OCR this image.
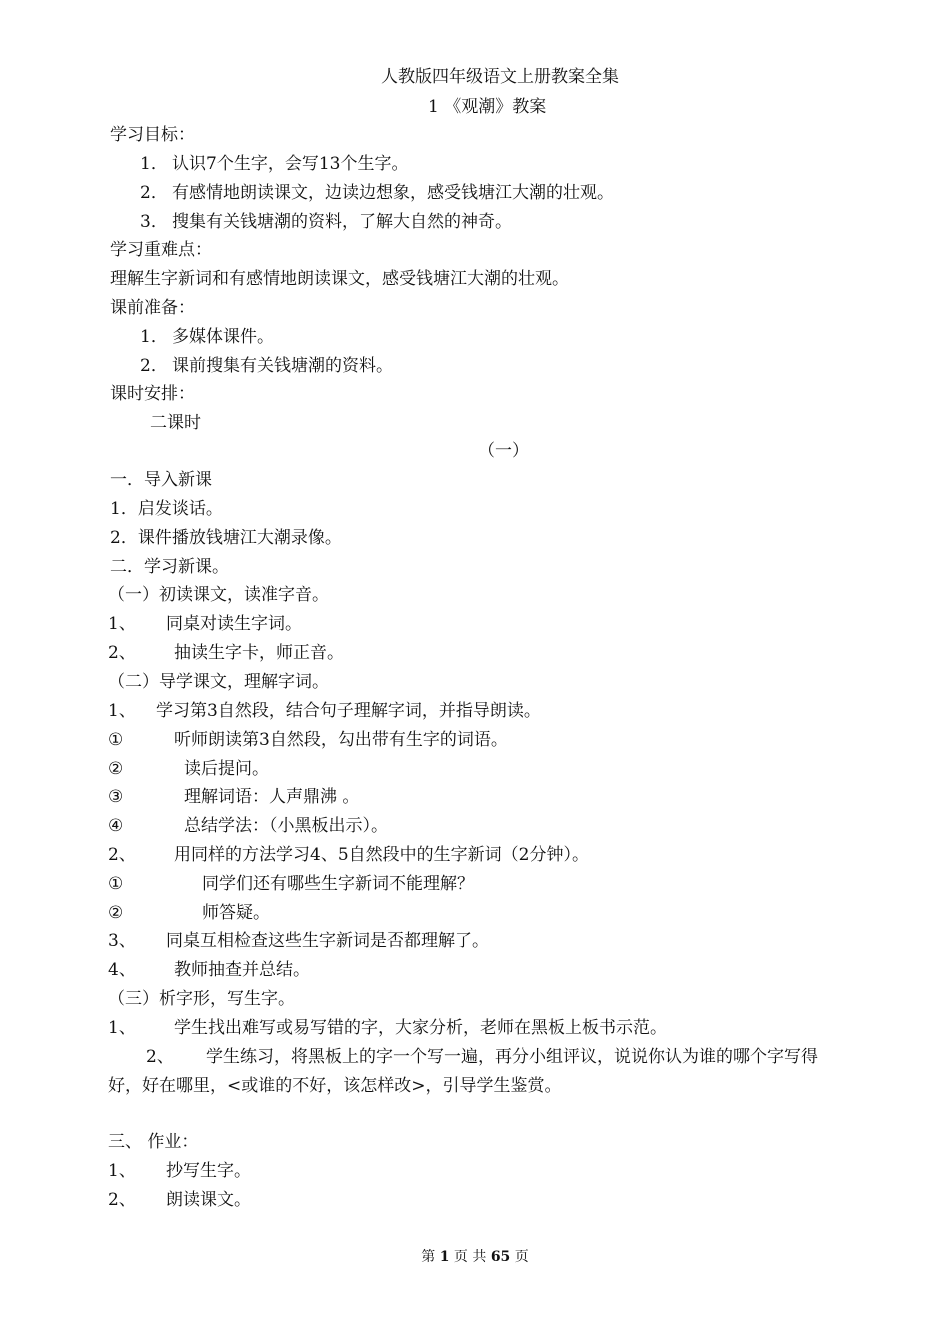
人教版四年级语文上册教案全集
1 《观潮》教案
学习目标：
1． 认识7个生字，会写13个生字。
2． 有感情地朗读课文，边读边想象，感受钱塘江大潮的壮观。
3． 搜集有关钱塘潮的资料，了解大自然的神奇。
学习重难点：
理解生字新词和有感情地朗读课文，感受钱塘江大潮的壮观。
课前准备：
1． 多媒体课件。
2． 课前搜集有关钱塘潮的资料。
课时安排：
二课时
（一）
一．导入新课
1．启发谈话。
2．课件播放钱塘江大潮录像。
二．学习新课。
（一）初读课文，读准字音。
1、 同桌对读生字词。
2、 抽读生字卡，师正音。
（二）导学课文，理解字词。
1、 学习第3自然段，结合句子理解字词，并指导朗读。
①	听师朗读第3自然段，勾出带有生字的词语。
②	读后提问。
③	理解词语：人声鼎沸 。
④	总结学法：（小黑板出示）。
2、 用同样的方法学习4、5自然段中的生字新词（2分钟）。
①	同学们还有哪些生字新词不能理解？
②	师答疑。
3、 同桌互相检查这些生字新词是否都理解了。
4、 教师抽查并总结。
（三）析字形，写生字。
1、 学生找出难写或易写错的字，大家分析，老师在黑板上板书示范。
2、 学生练习，将黑板上的字一个写一遍，再分小组评议，说说你认为谁的哪个字写得
好，好在哪里，<或谁的不好，该怎样改>，引导学生鉴赏。
三、 作业：
1、 抄写生字。
2、 朗读课文。
第 1 页 共 65 页
